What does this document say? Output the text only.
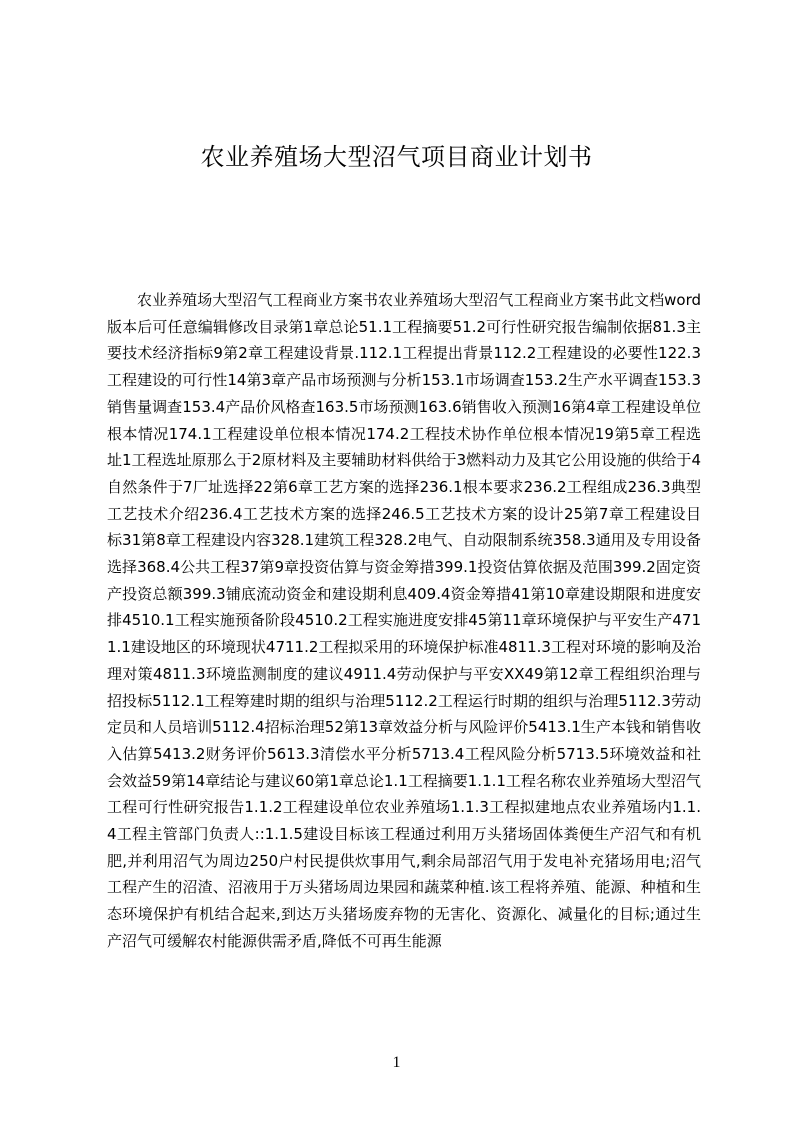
农业养殖场大型沼气项目商业计划书

农业养殖场大型沼气工程商业方案书农业养殖场大型沼气工程商业方案书此文档word版本后可任意编辑修改目录第1章总论51.1工程摘要51.2可行性研究报告编制依据81.3主要技术经济指标9第2章工程建设背景.112.1工程提出背景112.2工程建设的必要性122.3工程建设的可行性14第3章产品市场预测与分析153.1市场调查153.2生产水平调查153.3销售量调查153.4产品价风格查163.5市场预测163.6销售收入预测16第4章工程建设单位根本情况174.1工程建设单位根本情况174.2工程技术协作单位根本情况19第5章工程选址1工程选址原那么于2原材料及主要辅助材料供给于3燃料动力及其它公用设施的供给于4自然条件于7厂址选择22第6章工艺方案的选择236.1根本要求236.2工程组成236.3典型工艺技术介绍236.4工艺技术方案的选择246.5工艺技术方案的设计25第7章工程建设目标31第8章工程建设内容328.1建筑工程328.2电气、自动限制系统358.3通用及专用设备选择368.4公共工程37第9章投资估算与资金筹措399.1投资估算依据及范围399.2固定资产投资总额399.3铺底流动资金和建设期利息409.4资金筹措41第10章建设期限和进度安排4510.1工程实施预备阶段4510.2工程实施进度安排45第11章环境保护与平安生产4711.1建设地区的环境现状4711.2工程拟采用的环境保护标准4811.3工程对环境的影响及治理对策4811.3环境监测制度的建议4911.4劳动保护与平安XX49第12章工程组织治理与招投标5112.1工程筹建时期的组织与治理5112.2工程运行时期的组织与治理5112.3劳动定员和人员培训5112.4招标治理52第13章效益分析与风险评价5413.1生产本钱和销售收入估算5413.2财务评价5613.3清偿水平分析5713.4工程风险分析5713.5环境效益和社会效益59第14章结论与建议60第1章总论1.1工程摘要1.1.1工程名称农业养殖场大型沼气工程可行性研究报告1.1.2工程建设单位农业养殖场1.1.3工程拟建地点农业养殖场内1.1.4工程主管部门负责人::1.1.5建设目标该工程通过利用万头猪场固体粪便生产沼气和有机肥,并利用沼气为周边250户村民提供炊事用气,剩余局部沼气用于发电补充猪场用电;沼气工程产生的沼渣、沼液用于万头猪场周边果园和蔬菜种植.该工程将养殖、能源、种植和生态环境保护有机结合起来,到达万头猪场废弃物的无害化、资源化、减量化的目标;通过生产沼气可缓解农村能源供需矛盾,降低不可再生能源

1
